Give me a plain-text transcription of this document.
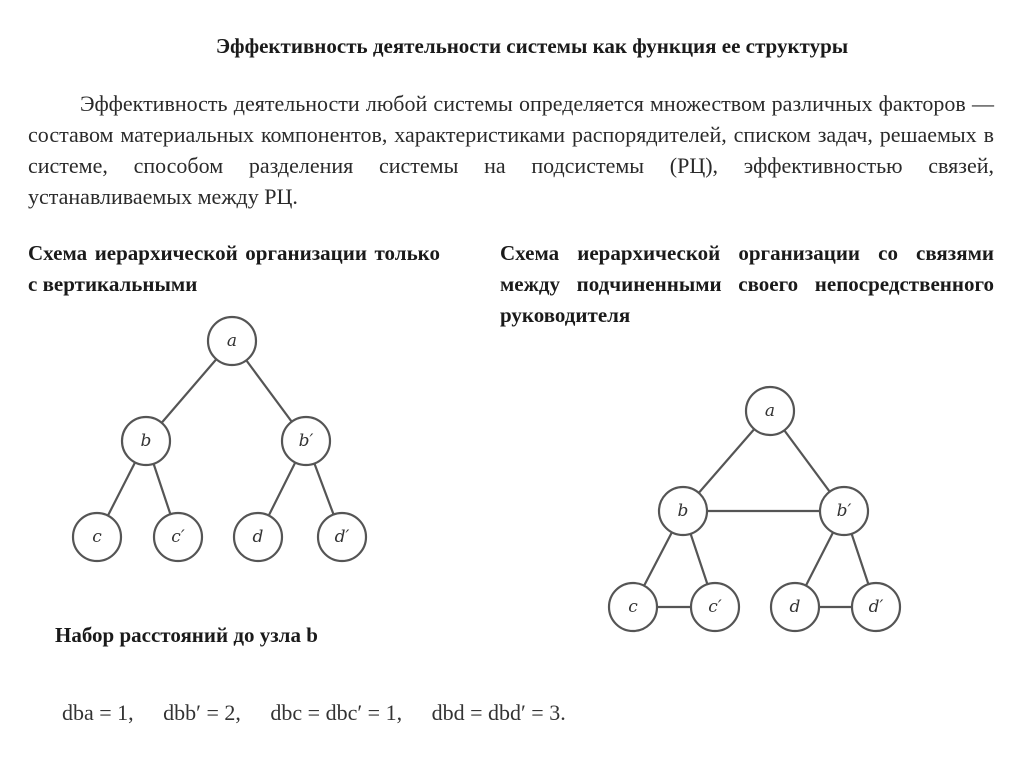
Эффективность деятельности системы как функция ее структуры

Эффективность деятельности любой системы определяется множеством различных факторов — составом материальных компонентов, характеристиками распорядителей, списком задач, решаемых в системе, способом разделения системы на подсистемы (РЦ), эффективностью связей, устанавливаемых между РЦ.

Схема иерархической организации только с вертикальными

Схема иерархической организации со связями между подчиненными своего непосредственного руководителя

a
b	b′
c	c′	d	d′
a
b	b′
c	c′	d	d′

Набор расстояний до узла b

dba = 1, dbb′ = 2, dbc = dbc′ = 1, dbd = dbd′ = 3.
